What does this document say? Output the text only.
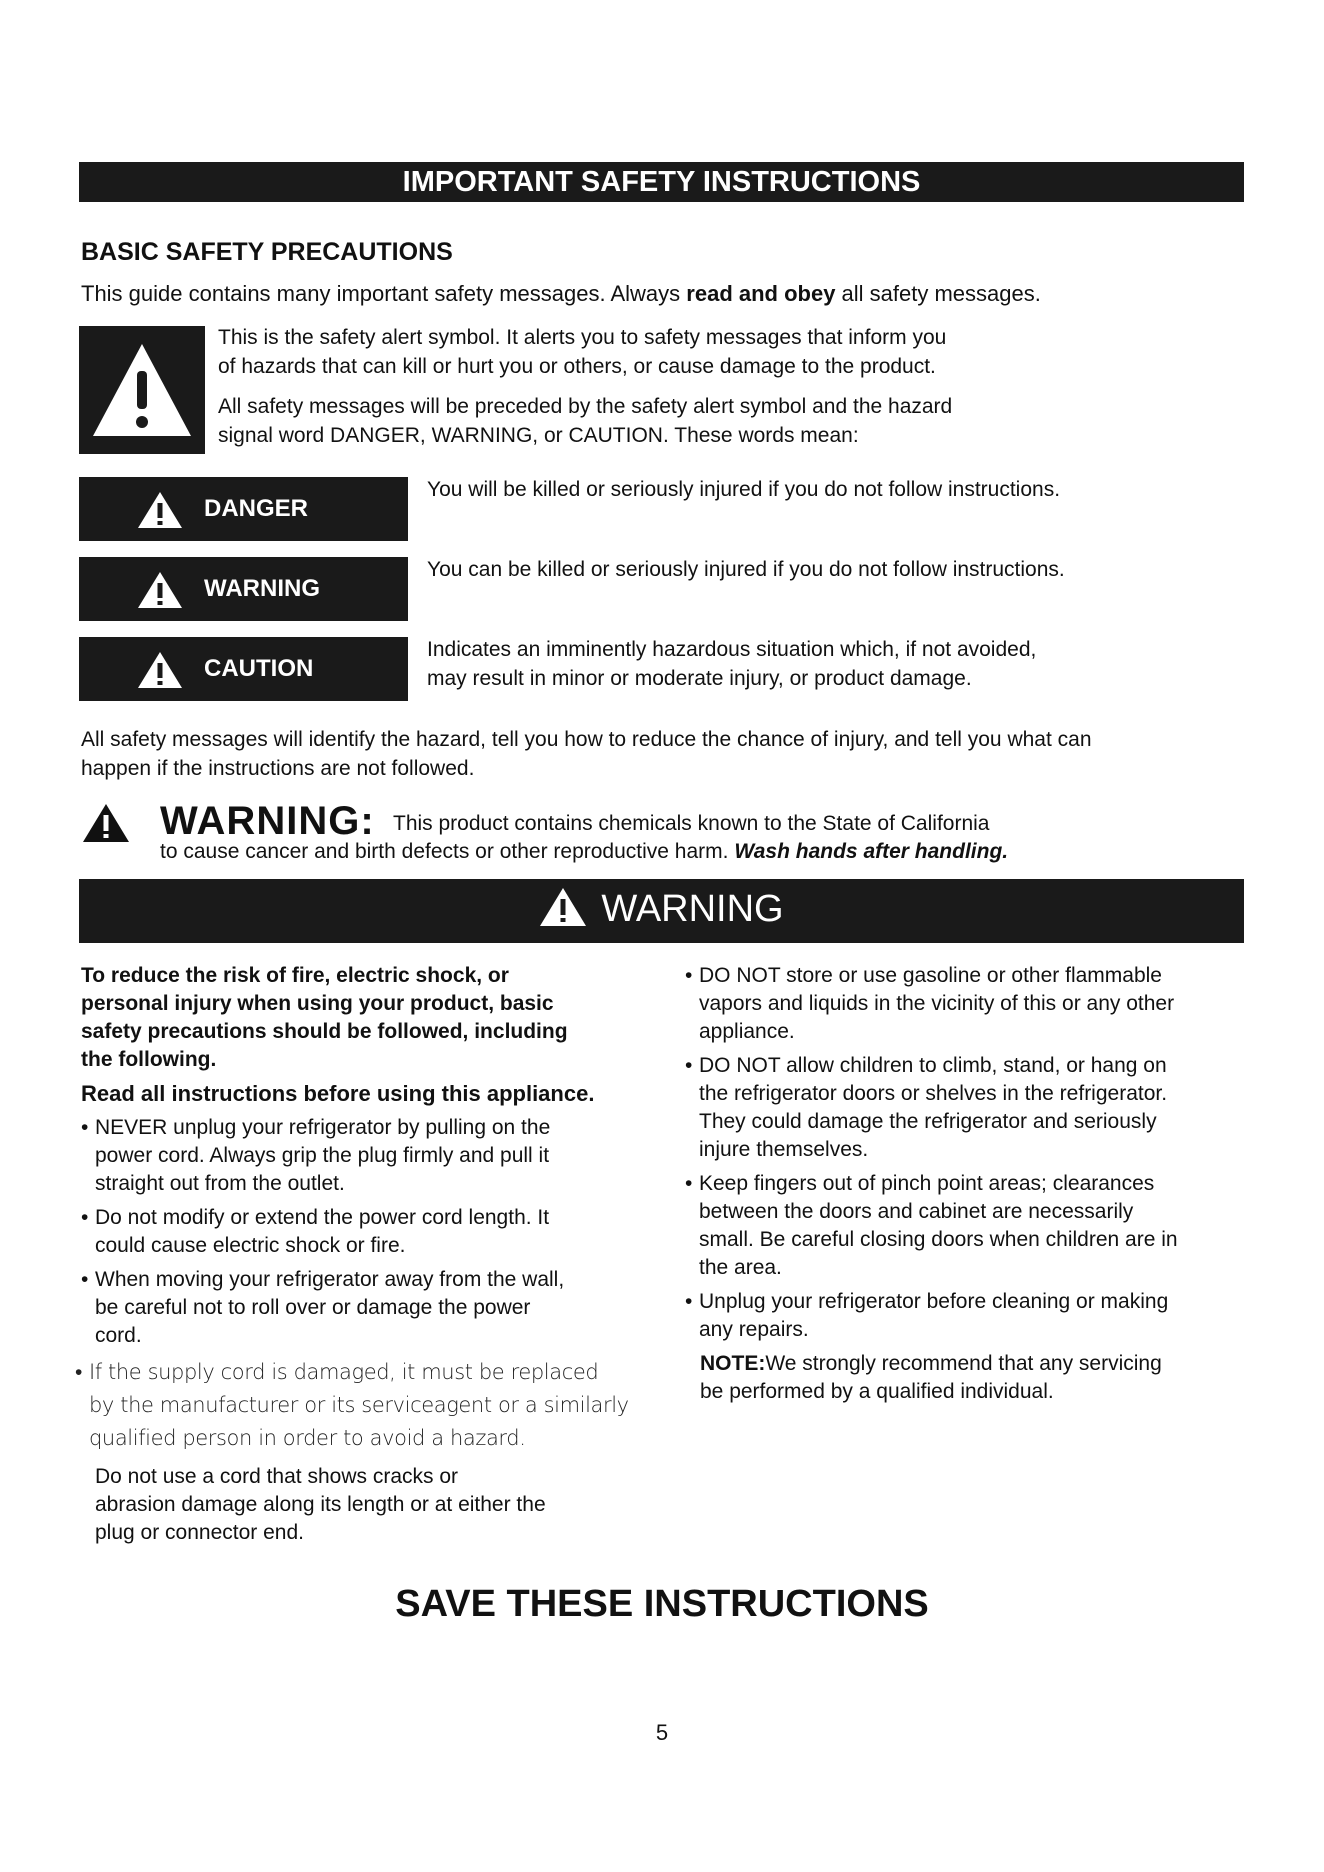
IMPORTANT SAFETY INSTRUCTIONS
BASIC SAFETY PRECAUTIONS
This guide contains many important safety messages. Always read and obey all safety messages.
This is the safety alert symbol. It alerts you to safety messages that inform you
of hazards that can kill or hurt you or others, or cause damage to the product.
All safety messages will be preceded by the safety alert symbol and the hazard
signal word DANGER, WARNING, or CAUTION. These words mean:
DANGER
You will be killed or seriously injured if you do not follow instructions.
WARNING
You can be killed or seriously injured if you do not follow instructions.
CAUTION
Indicates an imminently hazardous situation which, if not avoided,
may result in minor or moderate injury, or product damage.
All safety messages will identify the hazard, tell you how to reduce the chance of injury, and tell you what can
happen if the instructions are not followed.
WARNING: This product contains chemicals known to the State of California
to cause cancer and birth defects or other reproductive harm. Wash hands after handling.
WARNING
To reduce the risk of fire, electric shock, or
personal injury when using your product, basic
safety precautions should be followed, including
the following.
Read all instructions before using this appliance.
• NEVER unplug your refrigerator by pulling on the
power cord. Always grip the plug firmly and pull it
straight out from the outlet.
• Do not modify or extend the power cord length. It
could cause electric shock or fire.
• When moving your refrigerator away from the wall,
be careful not to roll over or damage the power
cord.
• If the supply cord is damaged, it must be replaced
by the manufacturer or its serviceagent or a similarly
qualified person in order to avoid a hazard.
Do not use a cord that shows cracks or
abrasion damage along its length or at either the
plug or connector end.
• DO NOT store or use gasoline or other flammable
vapors and liquids in the vicinity of this or any other
appliance.
• DO NOT allow children to climb, stand, or hang on
the refrigerator doors or shelves in the refrigerator.
They could damage the refrigerator and seriously
injure themselves.
• Keep fingers out of pinch point areas; clearances
between the doors and cabinet are necessarily
small. Be careful closing doors when children are in
the area.
• Unplug your refrigerator before cleaning or making
any repairs.
NOTE:We strongly recommend that any servicing
be performed by a qualified individual.
SAVE THESE INSTRUCTIONS
5
